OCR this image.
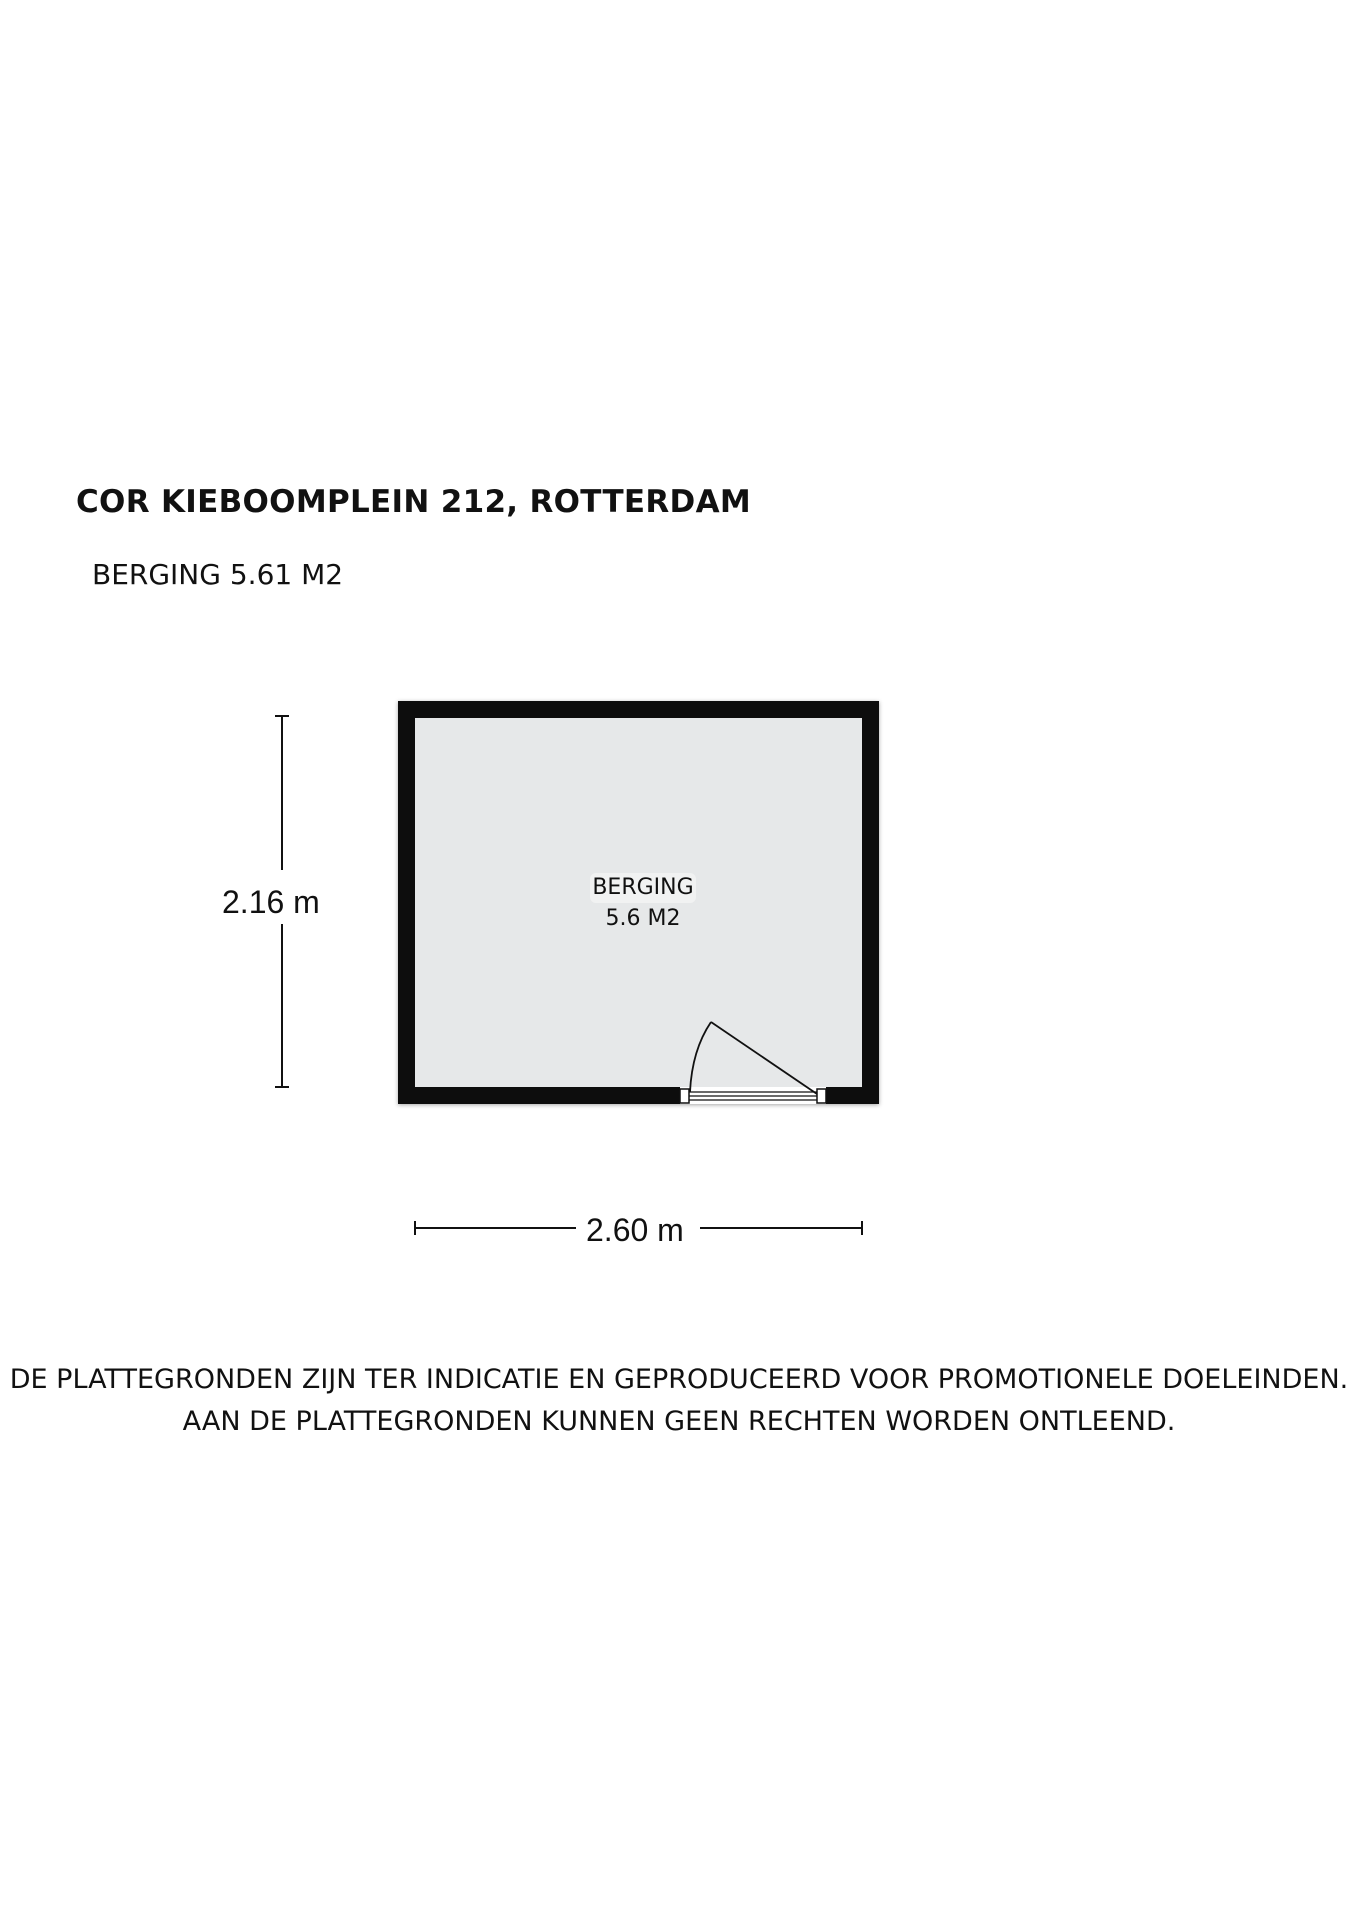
COR KIEBOOMPLEIN 212, ROTTERDAM
BERGING 5.61 M2
BERGING
5.6 M2
2.16 m
2.60 m
DE PLATTEGRONDEN ZIJN TER INDICATIE EN GEPRODUCEERD VOOR PROMOTIONELE DOELEINDEN.
AAN DE PLATTEGRONDEN KUNNEN GEEN RECHTEN WORDEN ONTLEEND.
